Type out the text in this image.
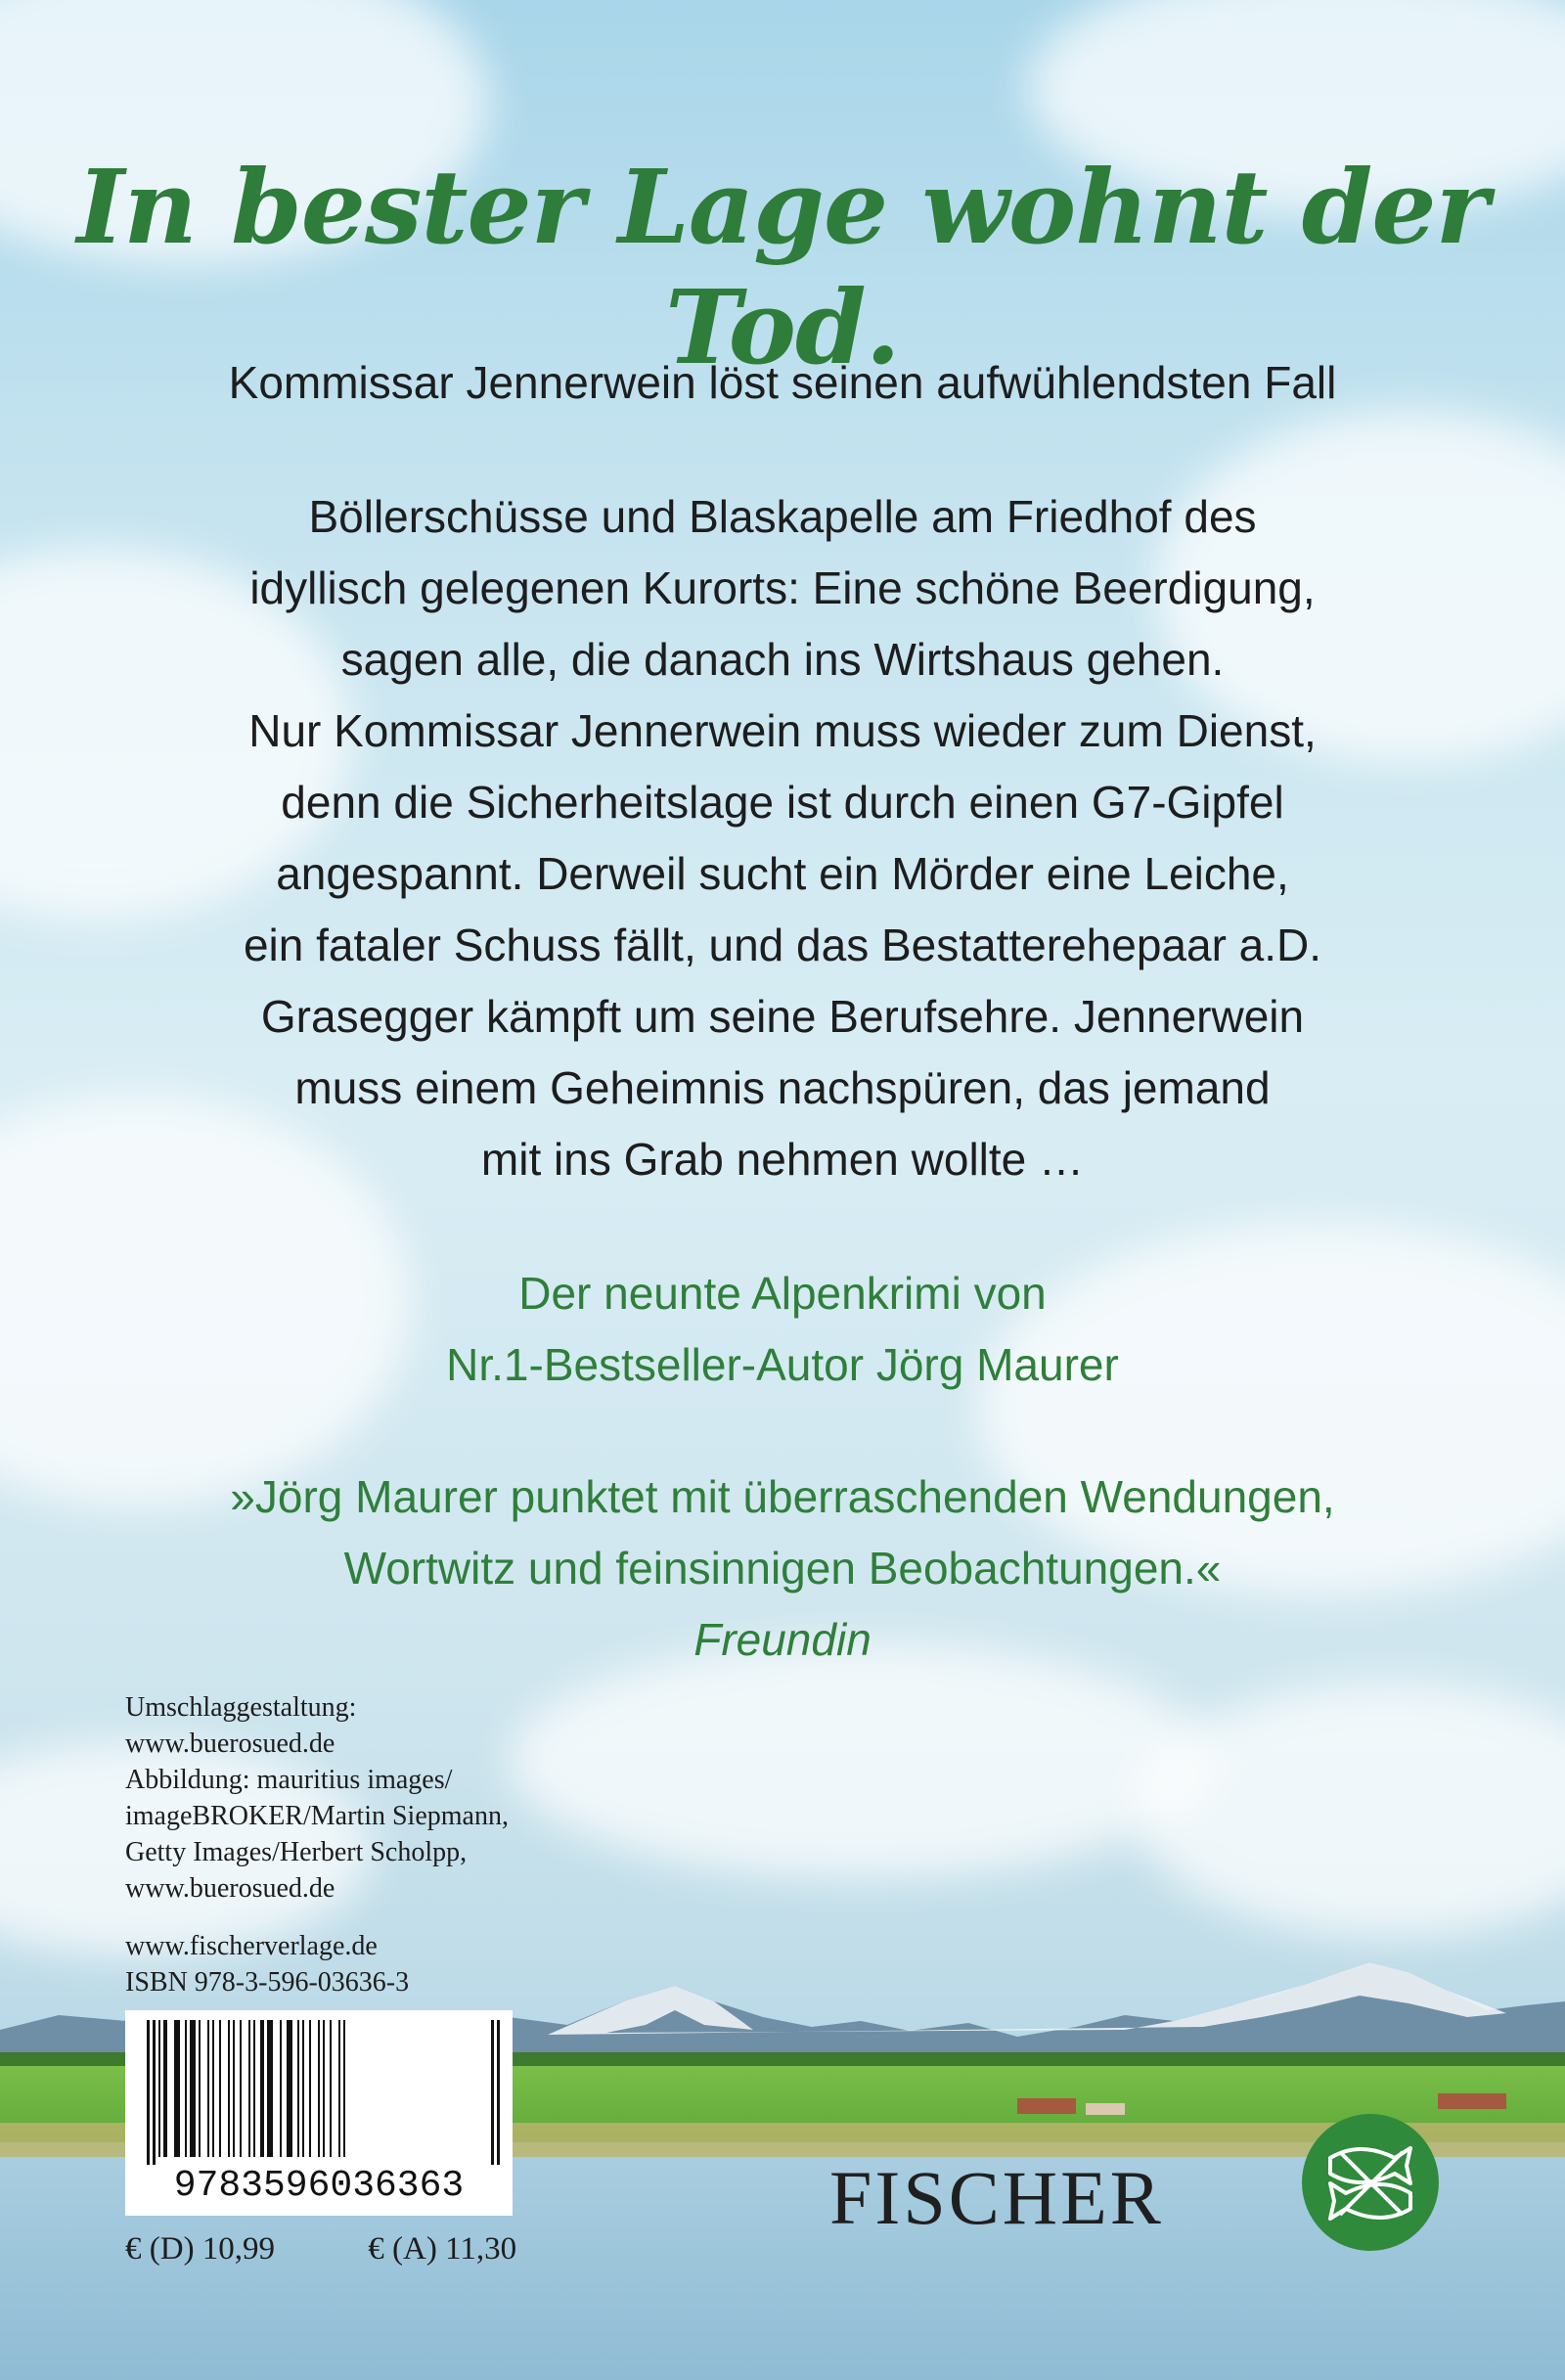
In bester Lage wohnt der Tod.
Kommissar Jennerwein löst seinen aufwühlendsten Fall
Böllerschüsse und Blaskapelle am Friedhof des
idyllisch gelegenen Kurorts: Eine schöne Beerdigung,
sagen alle, die danach ins Wirtshaus gehen.
Nur Kommissar Jennerwein muss wieder zum Dienst,
denn die Sicherheitslage ist durch einen G7-Gipfel
angespannt. Derweil sucht ein Mörder eine Leiche,
ein fataler Schuss fällt, und das Bestatterehepaar a.D.
Grasegger kämpft um seine Berufsehre. Jennerwein
muss einem Geheimnis nachspüren, das jemand
mit ins Grab nehmen wollte …
Der neunte Alpenkrimi von
Nr.1-Bestseller-Autor Jörg Maurer
»Jörg Maurer punktet mit überraschenden Wendungen,
Wortwitz und feinsinnigen Beobachtungen.«
Freundin
Umschlaggestaltung:
www.buerosued.de
Abbildung: mauritius images/
imageBROKER/Martin Siepmann,
Getty Images/Herbert Scholpp,
www.buerosued.de
www.fischerverlage.de
ISBN 978-3-596-03636-3
9783596036363
€ (D) 10,99	€ (A) 11,30
FISCHER
